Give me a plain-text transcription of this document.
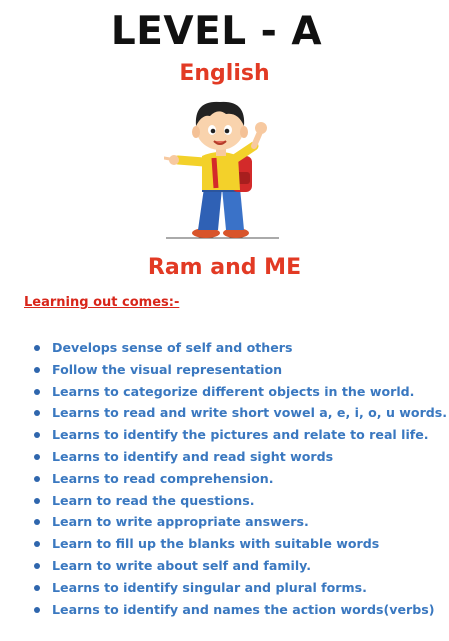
LEVEL - A
English
Ram and ME
Learning out comes:-
Develops sense of self and others
Follow the visual representation
Learns to categorize different objects in the world.
Learns to read and write short vowel a, e, i, o, u words.
Learns to identify the pictures and relate to real life.
Learns to identify and read sight words
Learns to read comprehension.
Learn to read the questions.
Learn to write appropriate answers.
Learn to fill up the blanks with suitable words
Learn to write about self and family.
Learns to identify singular and plural forms.
Learns to identify and names the action words(verbs)
